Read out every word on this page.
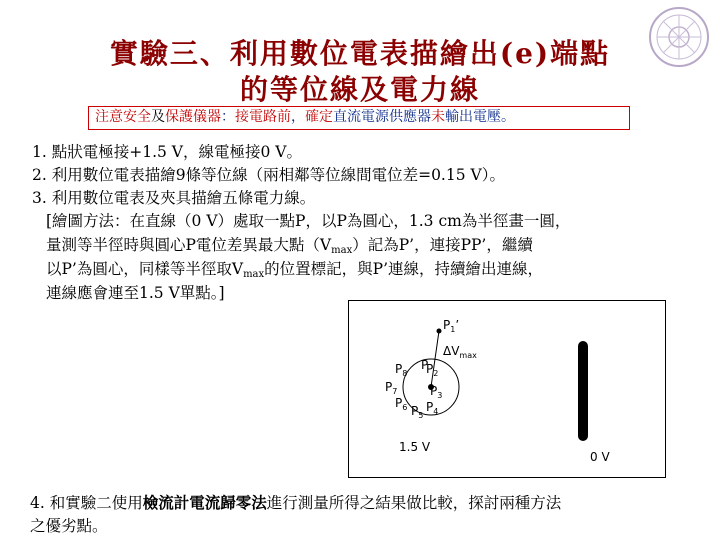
實驗三、利用數位電表描繪出(e)端點
的等位線及電力線
注意安全及保護儀器：接電路前，確定直流電源供應器未輸出電壓。
1. 點狀電極接+1.5 V，線電極接0 V。
2. 利用數位電表描繪9條等位線（兩相鄰等位線間電位差=0.15 V）。
3. 利用數位電表及夾具描繪五條電力線。
[繪圖方法：在直線（0 V）處取一點P，以P為圓心，1.3 cm為半徑畫一圓，
量測等半徑時與圓心P電位差異最大點（Vmax）記為P’，連接PP’，繼續
以P’為圓心，同樣等半徑取Vmax的位置標記，與P’連線，持續繪出連線，
連線應會連至1.5 V單點。]
$P_1$’
$\Delta V_{max}$
P
$P_2$
$P_3$
$P_4$
$P_5$
$P_6$
$P_7$
$P_8$
1.5 V
0 V
4. 和實驗二使用檢流計電流歸零法進行測量所得之結果做比較，探討兩種方法
之優劣點。
